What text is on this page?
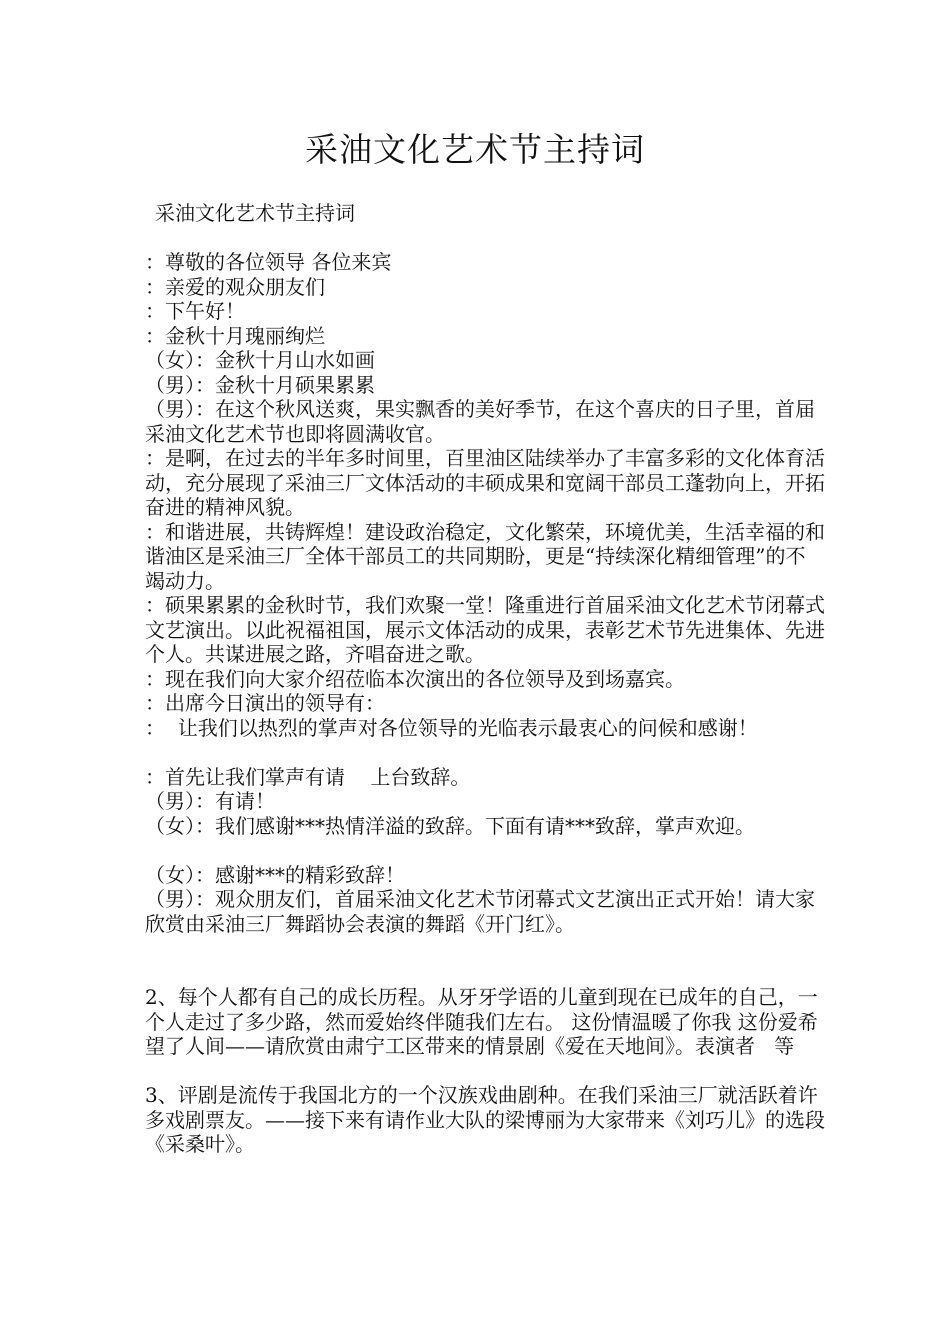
采油文化艺术节主持词
采油文化艺术节主持词

：尊敬的各位领导 各位来宾

：亲爱的观众朋友们

：下午好！

：金秋十月瑰丽绚烂

（女）：金秋十月山水如画

（男）：金秋十月硕果累累

（男）：在这个秋风送爽，果实飘香的美好季节，在这个喜庆的日子里，首届采油文化艺术节也即将圆满收官。

：是啊，在过去的半年多时间里，百里油区陆续举办了丰富多彩的文化体育活动，充分展现了采油三厂文体活动的丰硕成果和宽阔干部员工蓬勃向上，开拓奋进的精神风貌。

：和谐进展，共铸辉煌！建设政治稳定，文化繁荣，环境优美，生活幸福的和谐油区是采油三厂全体干部员工的共同期盼，更是“持续深化精细管理”的不竭动力。

：硕果累累的金秋时节，我们欢聚一堂！隆重进行首届采油文化艺术节闭幕式文艺演出。以此祝福祖国，展示文体活动的成果，表彰艺术节先进集体、先进个人。共谋进展之路，齐唱奋进之歌。

：现在我们向大家介绍莅临本次演出的各位领导及到场嘉宾。

：出席今日演出的领导有：

：  让我们以热烈的掌声对各位领导的光临表示最衷心的问候和感谢！

：首先让我们掌声有请    上台致辞。

（男）：有请！

（女）：我们感谢***热情洋溢的致辞。下面有请***致辞，掌声欢迎。

（女）：感谢***的精彩致辞！

（男）：观众朋友们，首届采油文化艺术节闭幕式文艺演出正式开始！请大家欣赏由采油三厂舞蹈协会表演的舞蹈《开门红》。

2、每个人都有自己的成长历程。从牙牙学语的儿童到现在已成年的自己，一个人走过了多少路，然而爱始终伴随我们左右。 这份情温暖了你我 这份爱希望了人间——请欣赏由肃宁工区带来的情景剧《爱在天地间》。表演者   等

3、评剧是流传于我国北方的一个汉族戏曲剧种。在我们采油三厂就活跃着许多戏剧票友。——接下来有请作业大队的梁博丽为大家带来《刘巧儿》的选段《采桑叶》。
